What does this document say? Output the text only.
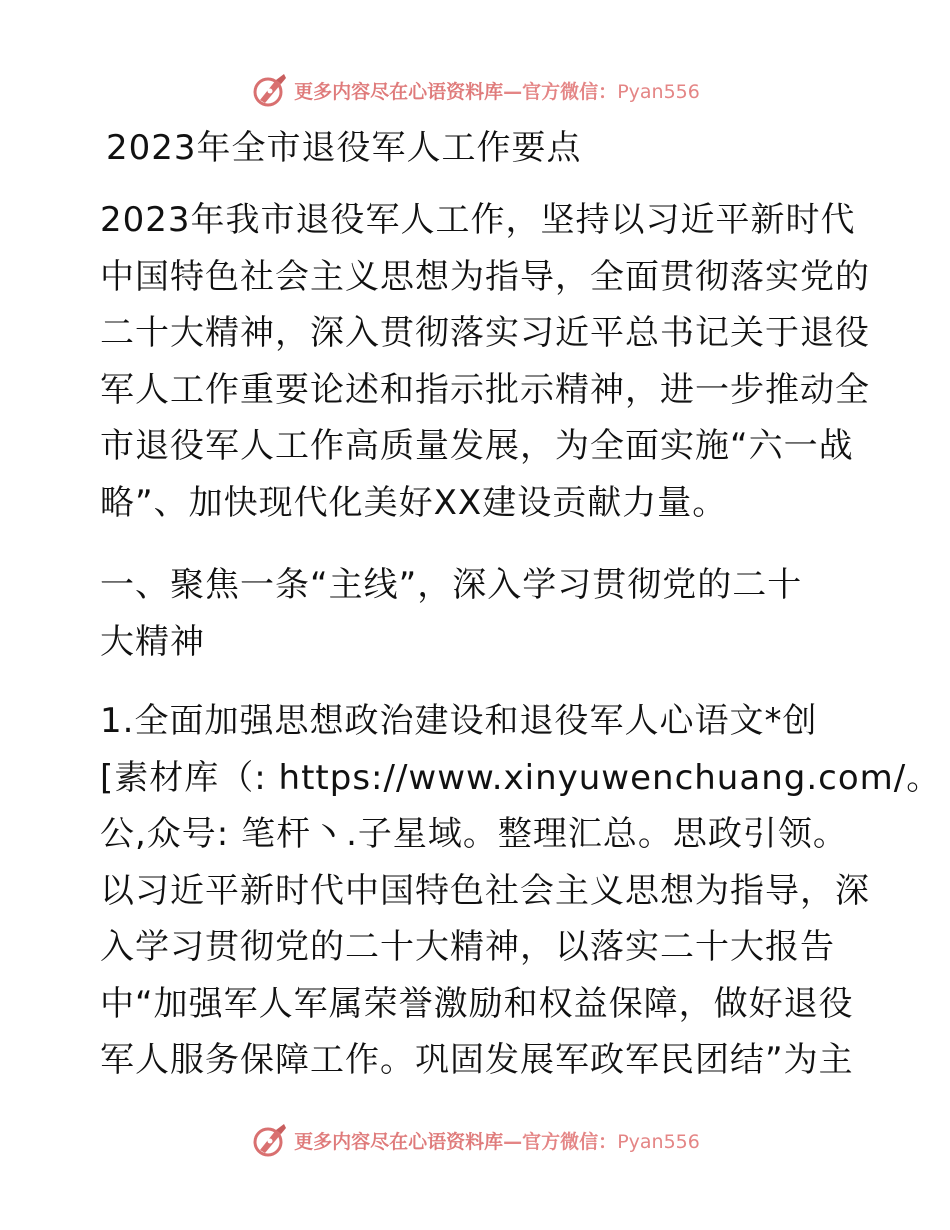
更多内容尽在心语资料库—官方微信：Pyan556
2023年全市退役军人工作要点
2023年我市退役军人工作，坚持以习近平新时代
中国特色社会主义思想为指导，全面贯彻落实党的
二十大精神，深入贯彻落实习近平总书记关于退役
军人工作重要论述和指示批示精神，进一步推动全
市退役军人工作高质量发展，为全面实施“六一战
略”、加快现代化美好XX建设贡献力量。
一、聚焦一条“主线”，深入学习贯彻党的二十
大精神
1.全面加强思想政治建设和退役军人心语文*创
[素材库（: https://www.xinyuwenchuang.com/。
公,众号: 笔杆丶.子星域。整理汇总。思政引领。
以习近平新时代中国特色社会主义思想为指导，深
入学习贯彻党的二十大精神，以落实二十大报告
中“加强军人军属荣誉激励和权益保障，做好退役
军人服务保障工作。巩固发展军政军民团结”为主
更多内容尽在心语资料库—官方微信：Pyan556
